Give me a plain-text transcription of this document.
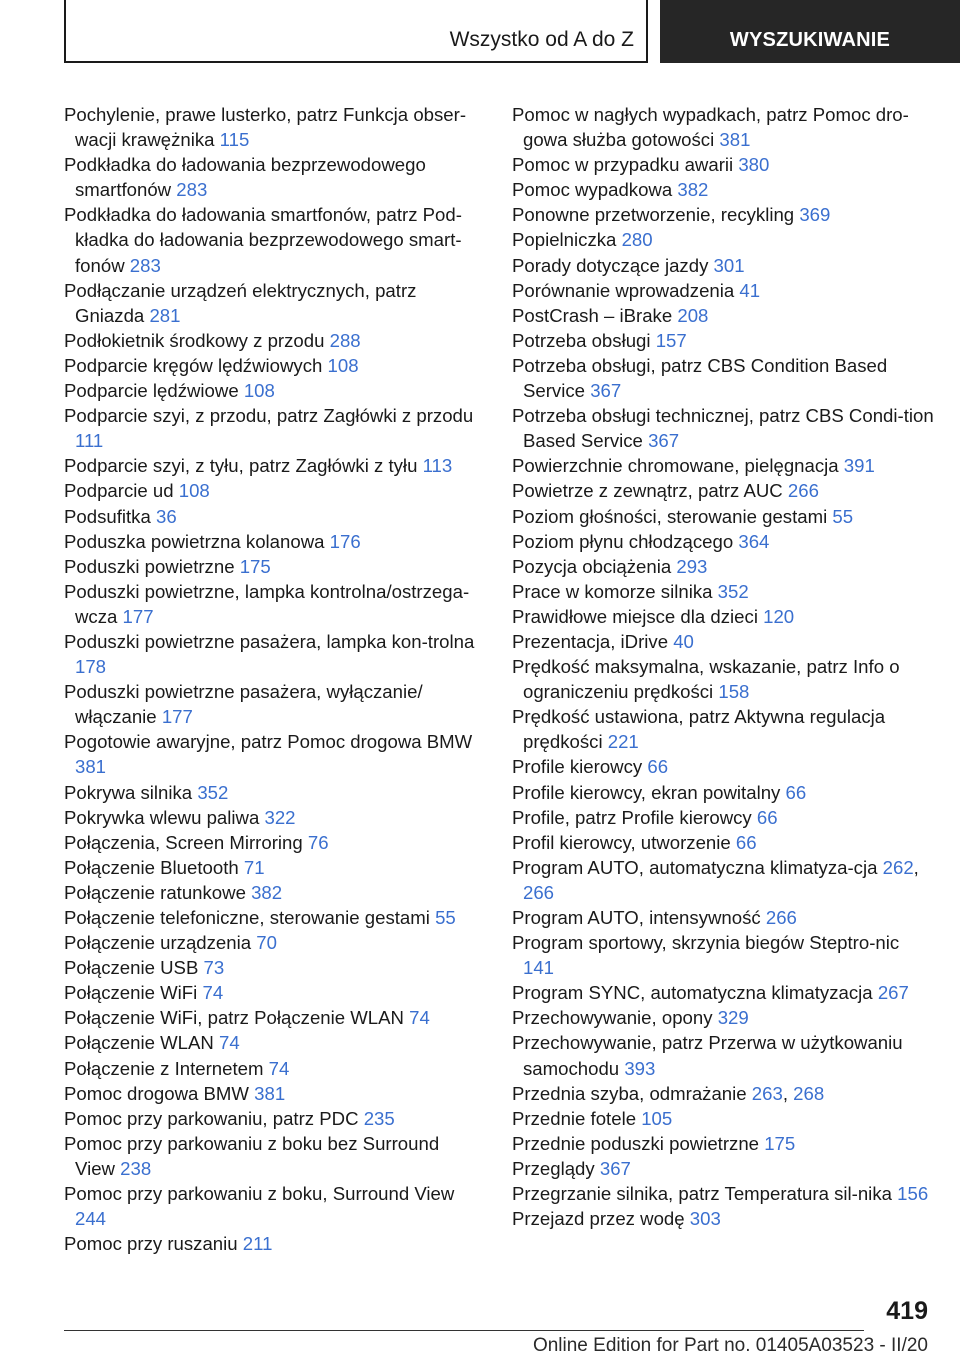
Wszystko od A do Z	WYSZUKIWANIE
Pochylenie, prawe lusterko, patrz Funkcja obser-wacji krawężnika 115
Podkładka do ładowania bezprzewodowego smartfonów 283
Podkładka do ładowania smartfonów, patrz Pod-kładka do ładowania bezprzewodowego smart-fonów 283
Podłączanie urządzeń elektrycznych, patrz Gniazda 281
Podłokietnik środkowy z przodu 288
Podparcie kręgów lędźwiowych 108
Podparcie lędźwiowe 108
Podparcie szyi, z przodu, patrz Zagłówki z przodu 111
Podparcie szyi, z tyłu, patrz Zagłówki z tyłu 113
Podparcie ud 108
Podsufitka 36
Poduszka powietrzna kolanowa 176
Poduszki powietrzne 175
Poduszki powietrzne, lampka kontrolna/ostrzega-wcza 177
Poduszki powietrzne pasażera, lampka kon-trolna 178
Poduszki powietrzne pasażera, wyłączanie/ włączanie 177
Pogotowie awaryjne, patrz Pomoc drogowa BMW 381
Pokrywa silnika 352
Pokrywka wlewu paliwa 322
Połączenia, Screen Mirroring 76
Połączenie Bluetooth 71
Połączenie ratunkowe 382
Połączenie telefoniczne, sterowanie gestami 55
Połączenie urządzenia 70
Połączenie USB 73
Połączenie WiFi 74
Połączenie WiFi, patrz Połączenie WLAN 74
Połączenie WLAN 74
Połączenie z Internetem 74
Pomoc drogowa BMW 381
Pomoc przy parkowaniu, patrz PDC 235
Pomoc przy parkowaniu z boku bez Surround View 238
Pomoc przy parkowaniu z boku, Surround View 244
Pomoc przy ruszaniu 211
Pomoc w nagłych wypadkach, patrz Pomoc dro-gowa służba gotowości 381
Pomoc w przypadku awarii 380
Pomoc wypadkowa 382
Ponowne przetworzenie, recykling 369
Popielniczka 280
Porady dotyczące jazdy 301
Porównanie wprowadzenia 41
PostCrash – iBrake 208
Potrzeba obsługi 157
Potrzeba obsługi, patrz CBS Condition Based Service 367
Potrzeba obsługi technicznej, patrz CBS Condi-tion Based Service 367
Powierzchnie chromowane, pielęgnacja 391
Powietrze z zewnątrz, patrz AUC 266
Poziom głośności, sterowanie gestami 55
Poziom płynu chłodzącego 364
Pozycja obciążenia 293
Prace w komorze silnika 352
Prawidłowe miejsce dla dzieci 120
Prezentacja, iDrive 40
Prędkość maksymalna, wskazanie, patrz Info o ograniczeniu prędkości 158
Prędkość ustawiona, patrz Aktywna regulacja prędkości 221
Profile kierowcy 66
Profile kierowcy, ekran powitalny 66
Profile, patrz Profile kierowcy 66
Profil kierowcy, utworzenie 66
Program AUTO, automatyczna klimatyza-cja 262, 266
Program AUTO, intensywność 266
Program sportowy, skrzynia biegów Steptro-nic 141
Program SYNC, automatyczna klimatyzacja 267
Przechowywanie, opony 329
Przechowywanie, patrz Przerwa w użytkowaniu samochodu 393
Przednia szyba, odmrażanie 263, 268
Przednie fotele 105
Przednie poduszki powietrzne 175
Przeglądy 367
Przegrzanie silnika, patrz Temperatura sil-nika 156
Przejazd przez wodę 303
419
Online Edition for Part no. 01405A03523 - II/20
